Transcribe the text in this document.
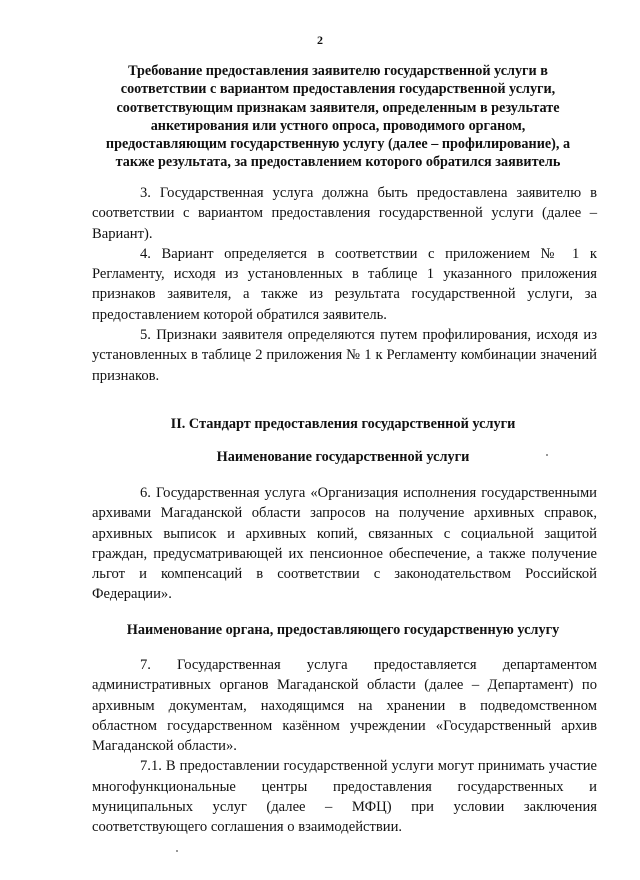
2
Требование предоставления заявителю государственной услуги в
соответствии с вариантом предоставления государственной услуги,
соответствующим признакам заявителя, определенным в результате
анкетирования или устного опроса, проводимого органом,
предоставляющим государственную услугу (далее – профилирование), а
также результата, за предоставлением которого обратился заявитель

3. Государственная услуга должна быть предоставлена заявителю в соответствии с вариантом предоставления государственной услуги (далее – Вариант).

4. Вариант определяется в соответствии с приложением № 1 к Регламенту, исходя из установленных в таблице 1 указанного приложения признаков заявителя, а также из результата государственной услуги, за предоставлением которой обратился заявитель.

5. Признаки заявителя определяются путем профилирования, исходя из установленных в таблице 2 приложения № 1 к Регламенту комбинации значений признаков.

II. Стандарт предоставления государственной услуги

Наименование государственной услуги

6. Государственная услуга «Организация исполнения государственными архивами Магаданской области запросов на получение архивных справок, архивных выписок и архивных копий, связанных с социальной защитой граждан, предусматривающей их пенсионное обеспечение, а также получение льгот и компенсаций в соответствии с законодательством Российской Федерации».

Наименование органа, предоставляющего государственную услугу

7. Государственная услуга предоставляется департаментом административных органов Магаданской области (далее – Департамент) по архивным документам, находящимся на хранении в подведомственном областном государственном казённом учреждении «Государственный архив Магаданской области».

7.1. В предоставлении государственной услуги могут принимать участие многофункциональные центры предоставления государственных и муниципальных услуг (далее – МФЦ) при условии заключения соответствующего соглашения о взаимодействии.
